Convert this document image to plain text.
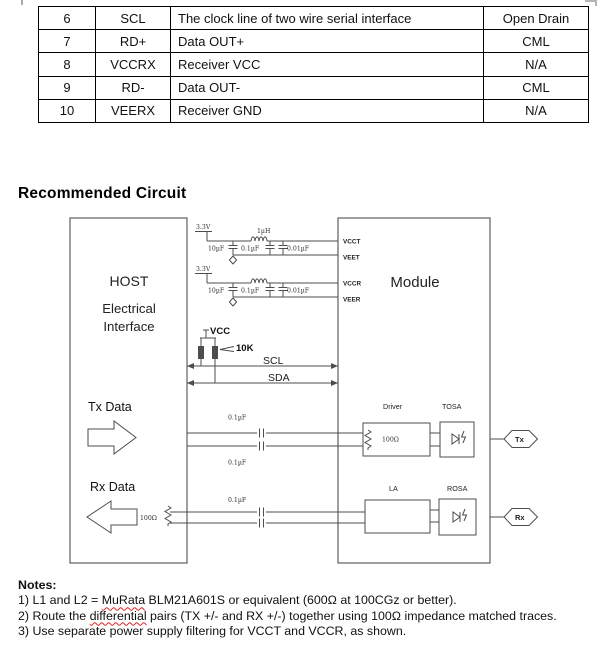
6	SCL	The clock line of two wire serial interface	Open Drain
7	RD+	Data OUT+	CML
8	VCCRX	Receiver VCC	N/A
9	RD-	Data OUT-	CML
10	VEERX	Receiver GND	N/A
Recommended Circuit
HOST
Electrical
Interface
Module
3.3V
1µH
10µF	0.1µF	0.01µF
VCCT
VEET
3.3V
10µF	0.1µF	0.01µF
VCCR
VEER
VCC
10K
SCL
SDA
Tx Data
0.1µF
0.1µF
Driver
100Ω
TOSA
Tx
Rx Data
100Ω
0.1µF
LA	ROSA
Rx
Notes:
1) L1 and L2 = MuRata BLM21A601S or equivalent (600Ω at 100CGz or better).
2) Route the differential pairs (TX +/- and RX +/-) together using 100Ω impedance matched traces.
3) Use separate power supply filtering for VCCT and VCCR, as shown.
